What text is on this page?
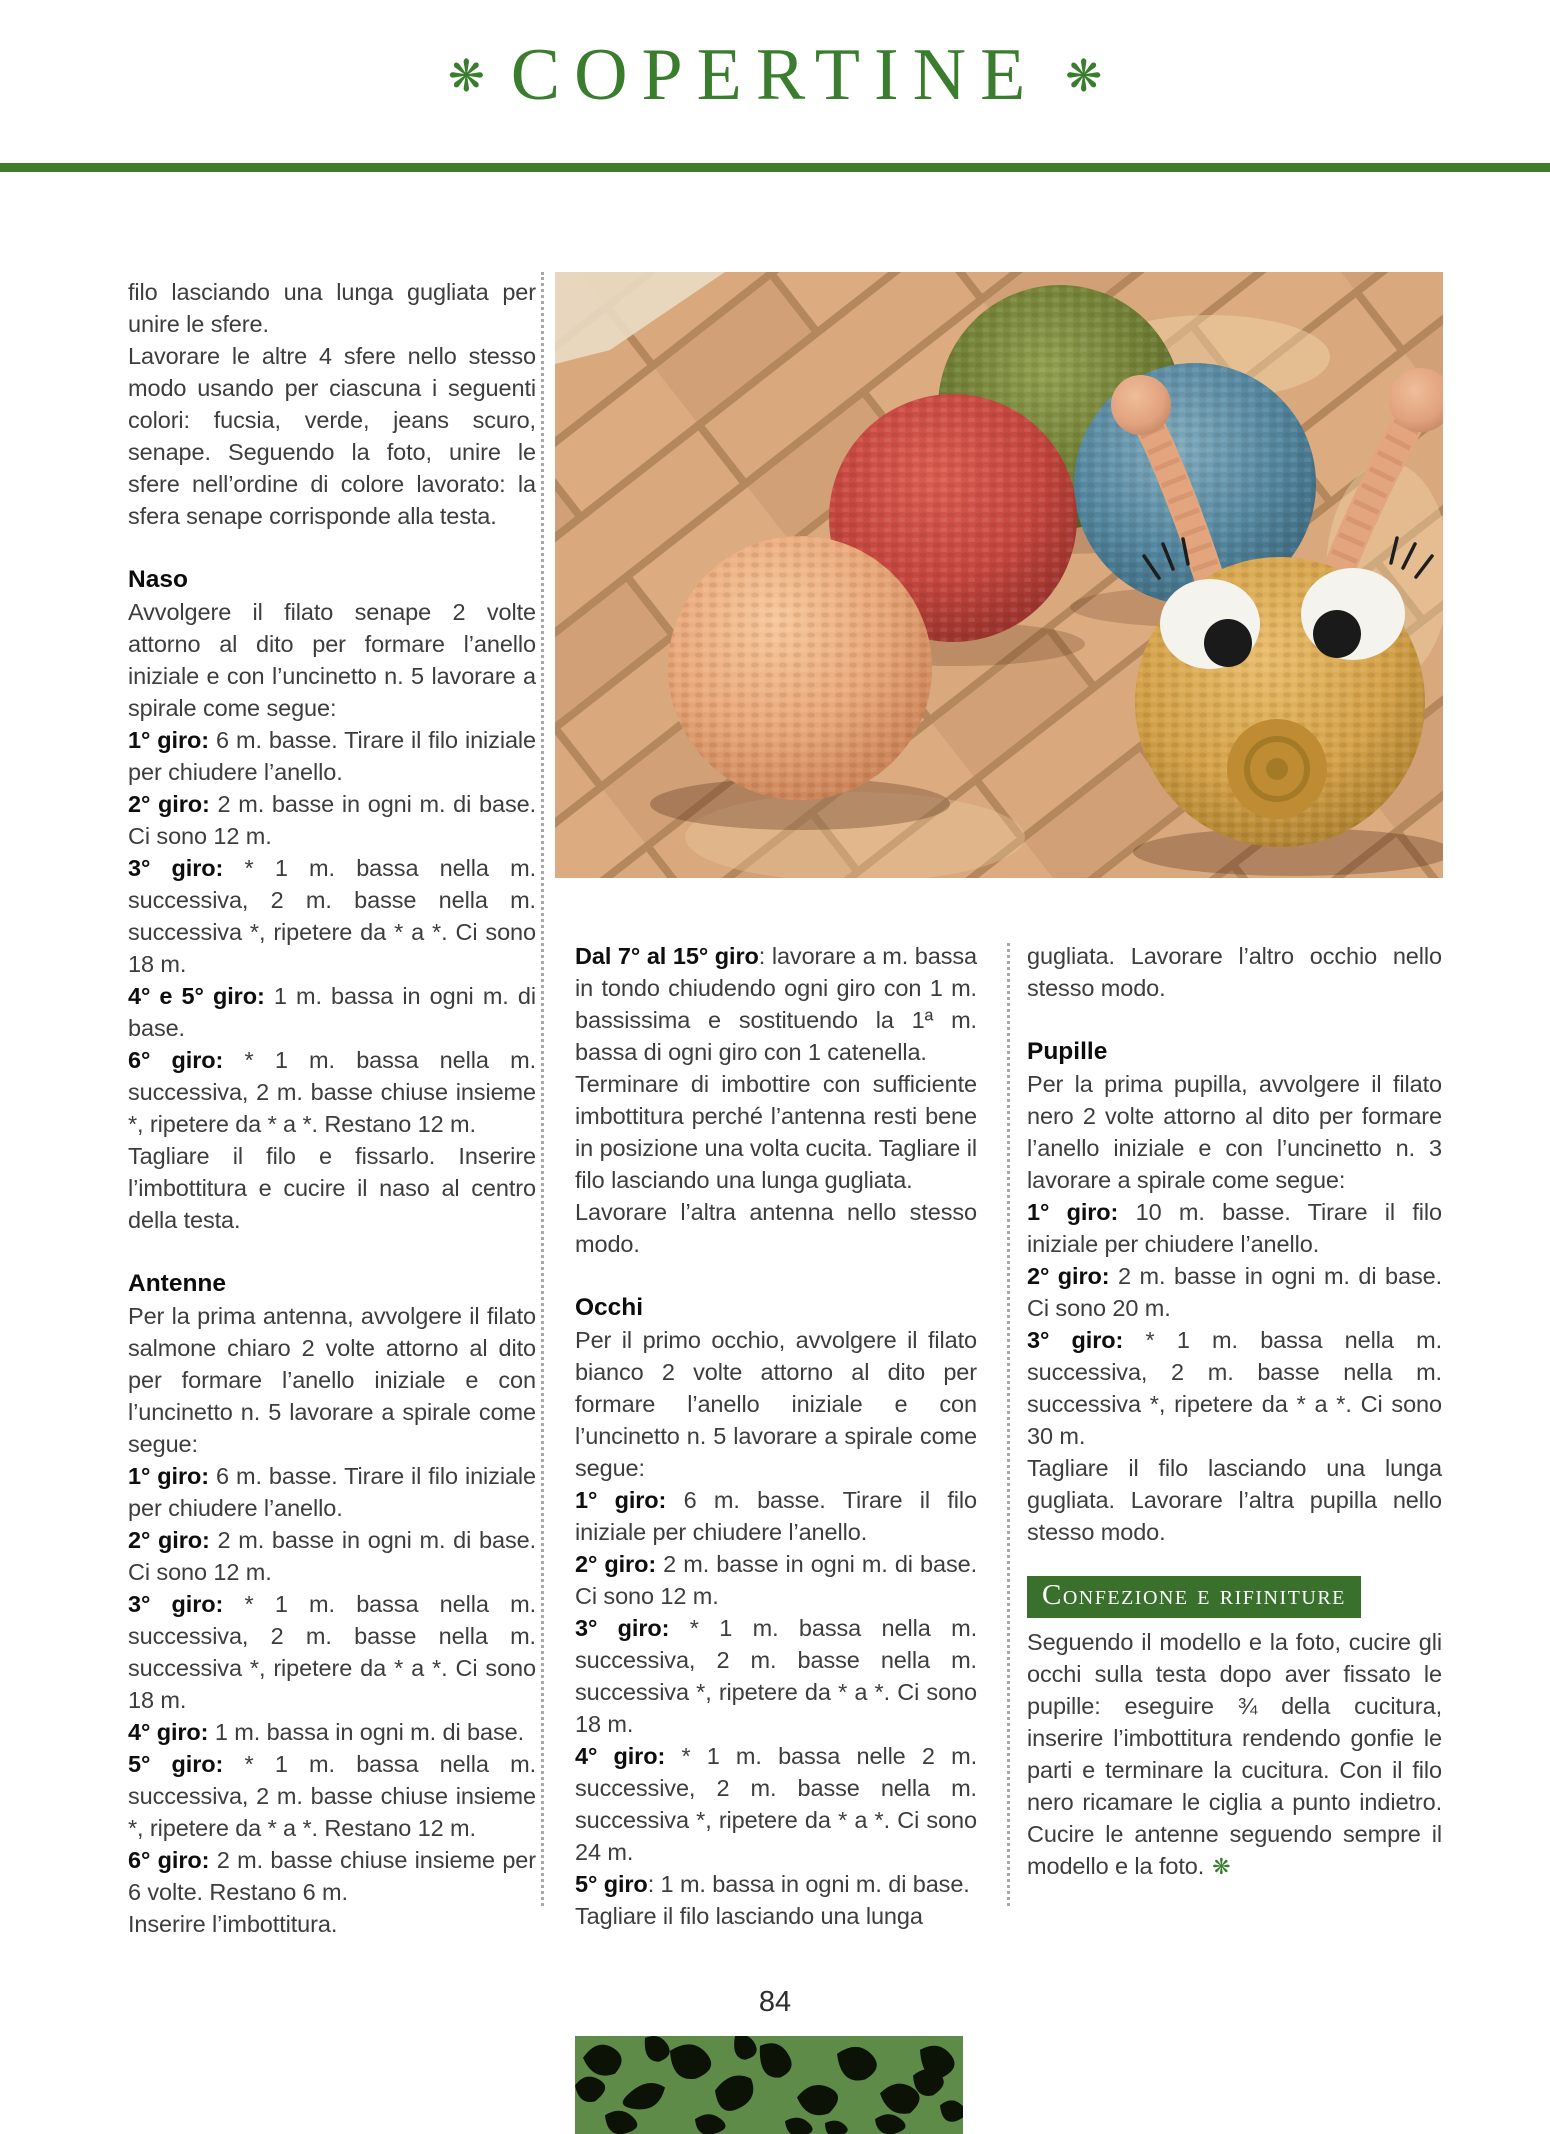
❋ COPERTINE ❋

filo lasciando una lunga gugliata per unire le sfere.

Lavorare le altre 4 sfere nello stesso modo usando per ciascuna i seguenti colori: fucsia, verde, jeans scuro, senape. Seguendo la foto, unire le sfere nell’ordine di colore lavorato: la sfera senape corrisponde alla testa.

Naso

Avvolgere il filato senape 2 volte attorno al dito per formare l’anello iniziale e con l’uncinetto n. 5 lavorare a spirale come segue:

1° giro: 6 m. basse. Tirare il filo iniziale per chiudere l’anello.

2° giro: 2 m. basse in ogni m. di base. Ci sono 12 m.

3° giro: * 1 m. bassa nella m. successiva, 2 m. basse nella m. successiva *, ripetere da * a *. Ci sono 18 m.

4° e 5° giro: 1 m. bassa in ogni m. di base.

6° giro: * 1 m. bassa nella m. successiva, 2 m. basse chiuse insieme *, ripetere da * a *. Restano 12 m.

Tagliare il filo e fissarlo. Inserire l’imbottitura e cucire il naso al centro della testa.

Antenne

Per la prima antenna, avvolgere il filato salmone chiaro 2 volte attorno al dito per formare l’anello iniziale e con l’uncinetto n. 5 lavorare a spirale come segue:

1° giro: 6 m. basse. Tirare il filo iniziale per chiudere l’anello.

2° giro: 2 m. basse in ogni m. di base. Ci sono 12 m.

3° giro: * 1 m. bassa nella m. successiva, 2 m. basse nella m. successiva *, ripetere da * a *. Ci sono 18 m.

4° giro: 1 m. bassa in ogni m. di base.

5° giro: * 1 m. bassa nella m. successiva, 2 m. basse chiuse insieme *, ripetere da * a *. Restano 12 m.

6° giro: 2 m. basse chiuse insieme per 6 volte. Restano 6 m.

Inserire l’imbottitura.

Dal 7° al 15° giro: lavorare a m. bassa in tondo chiudendo ogni giro con 1 m. bassissima e sostituendo la 1ª m. bassa di ogni giro con 1 catenella.

Terminare di imbottire con sufficiente imbottitura perché l’antenna resti bene in posizione una volta cucita. Tagliare il filo lasciando una lunga gugliata.

Lavorare l’altra antenna nello stesso modo.

Occhi

Per il primo occhio, avvolgere il filato bianco 2 volte attorno al dito per formare l’anello iniziale e con l’uncinetto n. 5 lavorare a spirale come segue:

1° giro: 6 m. basse. Tirare il filo iniziale per chiudere l’anello.

2° giro: 2 m. basse in ogni m. di base. Ci sono 12 m.

3° giro: * 1 m. bassa nella m. successiva, 2 m. basse nella m. successiva *, ripetere da * a *. Ci sono 18 m.

4° giro: * 1 m. bassa nelle 2 m. successive, 2 m. basse nella m. successiva *, ripetere da * a *. Ci sono 24 m.

5° giro: 1 m. bassa in ogni m. di base.

Tagliare il filo lasciando una lunga

gugliata. Lavorare l’altro occhio nello stesso modo.

Pupille

Per la prima pupilla, avvolgere il filato nero 2 volte attorno al dito per formare l’anello iniziale e con l’uncinetto n. 3 lavorare a spirale come segue:

1° giro: 10 m. basse. Tirare il filo iniziale per chiudere l’anello.

2° giro: 2 m. basse in ogni m. di base. Ci sono 20 m.

3° giro: * 1 m. bassa nella m. successiva, 2 m. basse nella m. successiva *, ripetere da * a *. Ci sono 30 m.

Tagliare il filo lasciando una lunga gugliata. Lavorare l’altra pupilla nello stesso modo.

Confezione e rifiniture

Seguendo il modello e la foto, cucire gli occhi sulla testa dopo aver fissato le pupille: eseguire ¾ della cucitura, inserire l’imbottitura rendendo gonfie le parti e terminare la cucitura. Con il filo nero ricamare le ciglia a punto indietro. Cucire le antenne seguendo sempre il modello e la foto. ❋

84
